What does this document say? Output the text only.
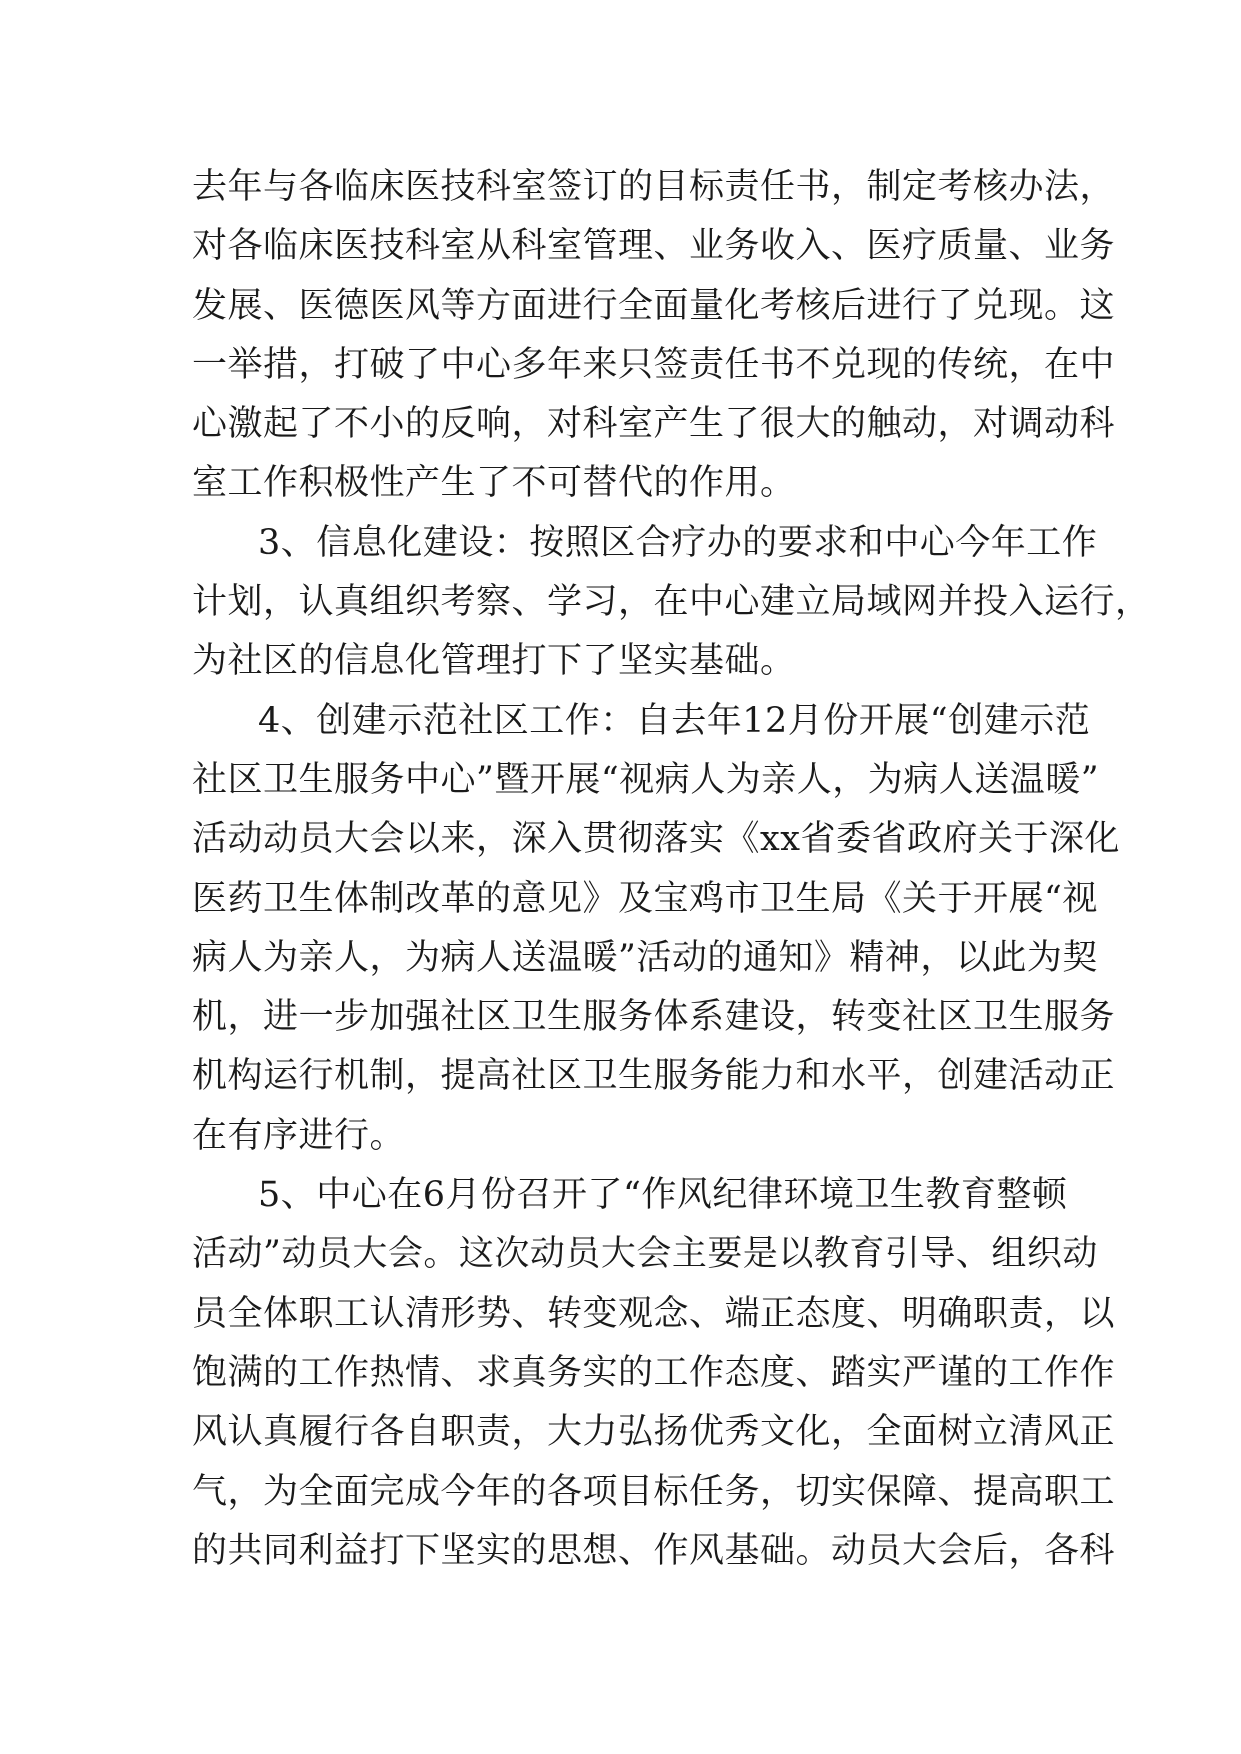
去年与各临床医技科室签订的目标责任书，制定考核办法，
对各临床医技科室从科室管理、业务收入、医疗质量、业务
发展、医德医风等方面进行全面量化考核后进行了兑现。这
一举措，打破了中心多年来只签责任书不兑现的传统，在中
心激起了不小的反响，对科室产生了很大的触动，对调动科
室工作积极性产生了不可替代的作用。
3、信息化建设：按照区合疗办的要求和中心今年工作
计划，认真组织考察、学习，在中心建立局域网并投入运行，
为社区的信息化管理打下了坚实基础。
4、创建示范社区工作：自去年12月份开展“创建示范
社区卫生服务中心”暨开展“视病人为亲人，为病人送温暖”
活动动员大会以来，深入贯彻落实《xx省委省政府关于深化
医药卫生体制改革的意见》及宝鸡市卫生局《关于开展“视
病人为亲人，为病人送温暖”活动的通知》精神，以此为契
机，进一步加强社区卫生服务体系建设，转变社区卫生服务
机构运行机制，提高社区卫生服务能力和水平，创建活动正
在有序进行。
5、中心在6月份召开了“作风纪律环境卫生教育整顿
活动”动员大会。这次动员大会主要是以教育引导、组织动
员全体职工认清形势、转变观念、端正态度、明确职责，以
饱满的工作热情、求真务实的工作态度、踏实严谨的工作作
风认真履行各自职责，大力弘扬优秀文化，全面树立清风正
气，为全面完成今年的各项目标任务，切实保障、提高职工
的共同利益打下坚实的思想、作风基础。动员大会后，各科
